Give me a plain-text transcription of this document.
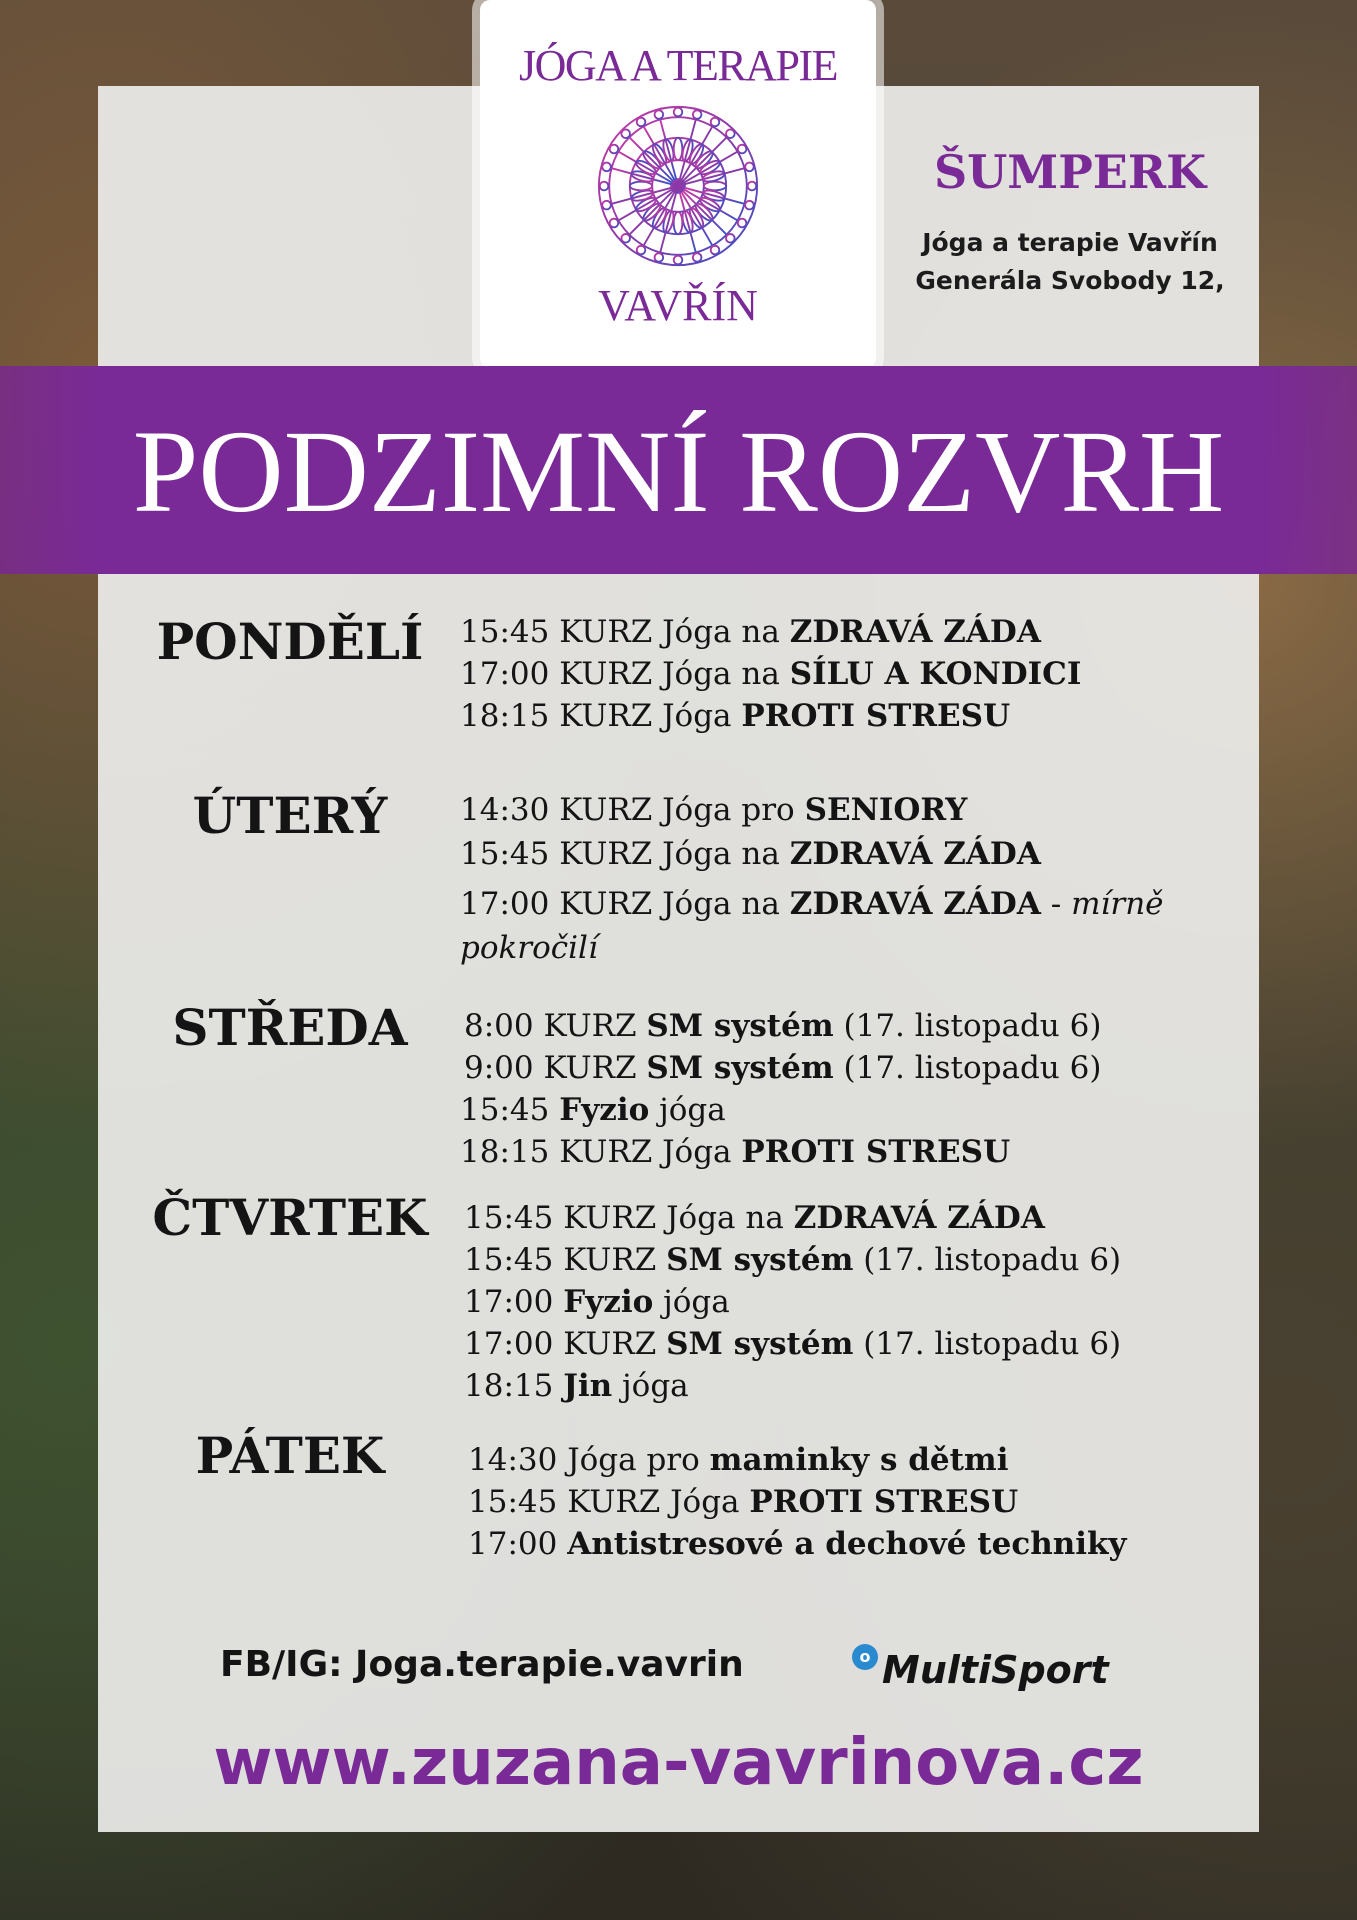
JÓGA A TERAPIE
VAVŘÍN
ŠUMPERK
Jóga a terapie Vavřín
Generála Svobody 12,
PODZIMNÍ ROZVRH
PONDĚLÍ	15:45 KURZ Jóga na ZDRAVÁ ZÁDA
17:00 KURZ Jóga na SÍLU A KONDICI
18:15 KURZ Jóga PROTI STRESU
ÚTERÝ	14:30 KURZ Jóga pro SENIORY
15:45 KURZ Jóga na ZDRAVÁ ZÁDA
17:00 KURZ Jóga na ZDRAVÁ ZÁDA - mírně
pokročilí
STŘEDA	8:00 KURZ SM systém (17. listopadu 6)
9:00 KURZ SM systém (17. listopadu 6)
15:45 Fyzio jóga
18:15 KURZ Jóga PROTI STRESU
ČTVRTEK 15:45 KURZ Jóga na ZDRAVÁ ZÁDA
15:45 KURZ SM systém (17. listopadu 6)
17:00 Fyzio jóga
17:00 KURZ SM systém (17. listopadu 6)
18:15 Jin jóga
PÁTEK	14:30 Jóga pro maminky s dětmi
15:45 KURZ Jóga PROTI STRESU
17:00 Antistresové a dechové techniky
FB/IG: Joga.terapie.vavrin	o MultiSport
www.zuzana-vavrinova.cz
